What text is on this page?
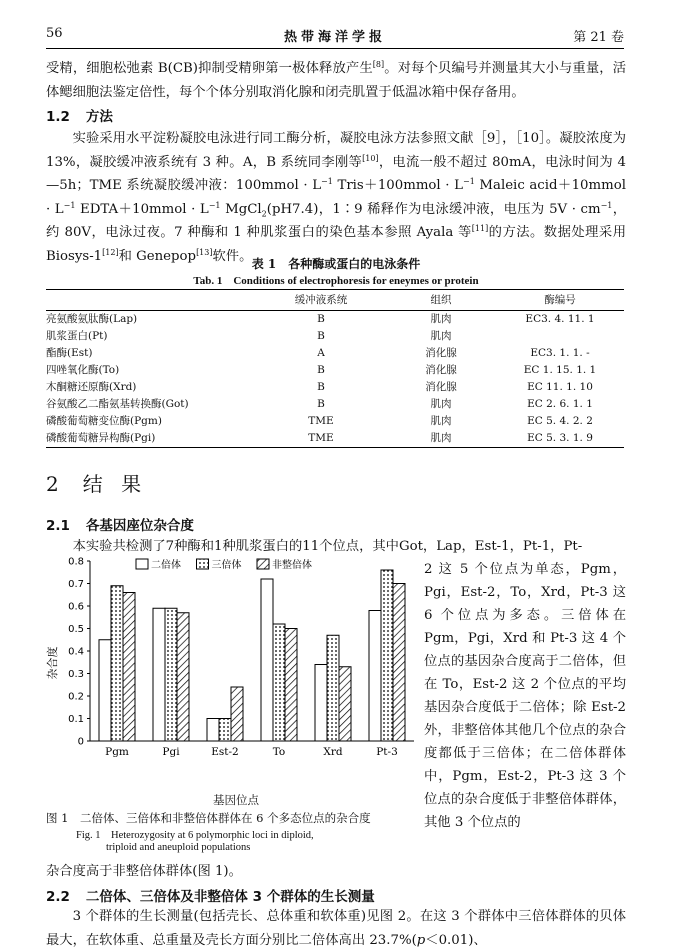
56	热带海洋学报	第 21 卷
受精，细胞松弛素 B(CB)抑制受精卵第一极体释放产生[8]。对每个贝编号并测量其大小与重量，活体鳃细胞法鉴定倍性，每个个体分别取消化腺和闭壳肌置于低温冰箱中保存备用。
1.2 方法
实验采用水平淀粉凝胶电泳进行同工酶分析，凝胶电泳方法参照文献［9］，［10］。凝胶浓度为 13%，凝胶缓冲液系统有 3 种。A，B 系统同李刚等[10]，电流一般不超过 80mA，电泳时间为 4—5h；TME 系统凝胶缓冲液：100mmol · $L^{-1}$ Tris＋100mmol · $L^{-1}$ Maleic acid＋10mmol · $L^{-1}$ EDTA＋10mmol · $L^{-1}$ MgCl$_2$(pH7.4)，1∶9 稀释作为电泳缓冲液，电压为 $5V \cdot cm^{-1}$，约 80V，电泳过夜。7 种酶和 1 种肌浆蛋白的染色基本参照 Ayala 等[11]的方法。数据处理采用 Biosys-1[12]和 Genepop[13]软件。
表 1　各种酶或蛋白的电泳条件
Tab. 1　Conditions of electrophoresis for eneymes or protein
	缓冲液系统	组织	酶编号
亮氨酸氨肽酶(Lap)	B	肌肉	EC3. 4. 11. 1
肌浆蛋白(Pt)	B	肌肉	
酯酶(Est)	A	消化腺	EC3. 1. 1. -
四唑氧化酶(To)	B	消化腺	EC 1. 15. 1. 1
木酮糖还原酶(Xrd)	B	消化腺	EC 11. 1. 10
谷氨酸乙二酯氨基转换酶(Got)	B	肌肉	EC 2. 6. 1. 1
磷酸葡萄糖变位酶(Pgm)	TME	肌肉	EC 5. 4. 2. 2
磷酸葡萄糖异构酶(Pgi)	TME	肌肉	EC 5. 3. 1. 9
2 结 果
2.1 各基因座位杂合度
本实验共检测了7种酶和1种肌浆蛋白的11个位点，其中Got，Lap，Est-1，Pt-1，Pt-
2 这 5 个位点为单态，Pgm，Pgi，Est-2，To，Xrd，Pt-3 这 6 个位点为多态。三倍体在 Pgm，Pgi，Xrd 和 Pt-3 这 4 个位点的基因杂合度高于二倍体，但在 To，Est-2 这 2 个位点的平均基因杂合度低于二倍体；除 Est-2 外，非整倍体其他几个位点的杂合度都低于三倍体；在二倍体群体中，Pgm，Est-2，Pt-3 这 3 个位点的杂合度低于非整倍体群体，其他 3 个位点的
杂合度
0
0.1
0.2
0.3
0.4
0.5
0.6
0.7
0.8
Pgm	Pgi	Est-2	To	Xrd	Pt-3
二倍体	三倍体	非整倍体
基因位点
图 1　二倍体、三倍体和非整倍体群体在 6 个多态位点的杂合度
Fig. 1　Heterozygosity at 6 polymorphic loci in diploid,
triploid and aneuploid populations
杂合度高于非整倍体群体(图 1)。
2.2 二倍体、三倍体及非整倍体 3 个群体的生长测量
3 个群体的生长测量(包括壳长、总体重和软体重)见图 2。在这 3 个群体中三倍体群体的贝体最大，在软体重、总重量及壳长方面分别比二倍体高出 23.7%(p＜0.01)、
